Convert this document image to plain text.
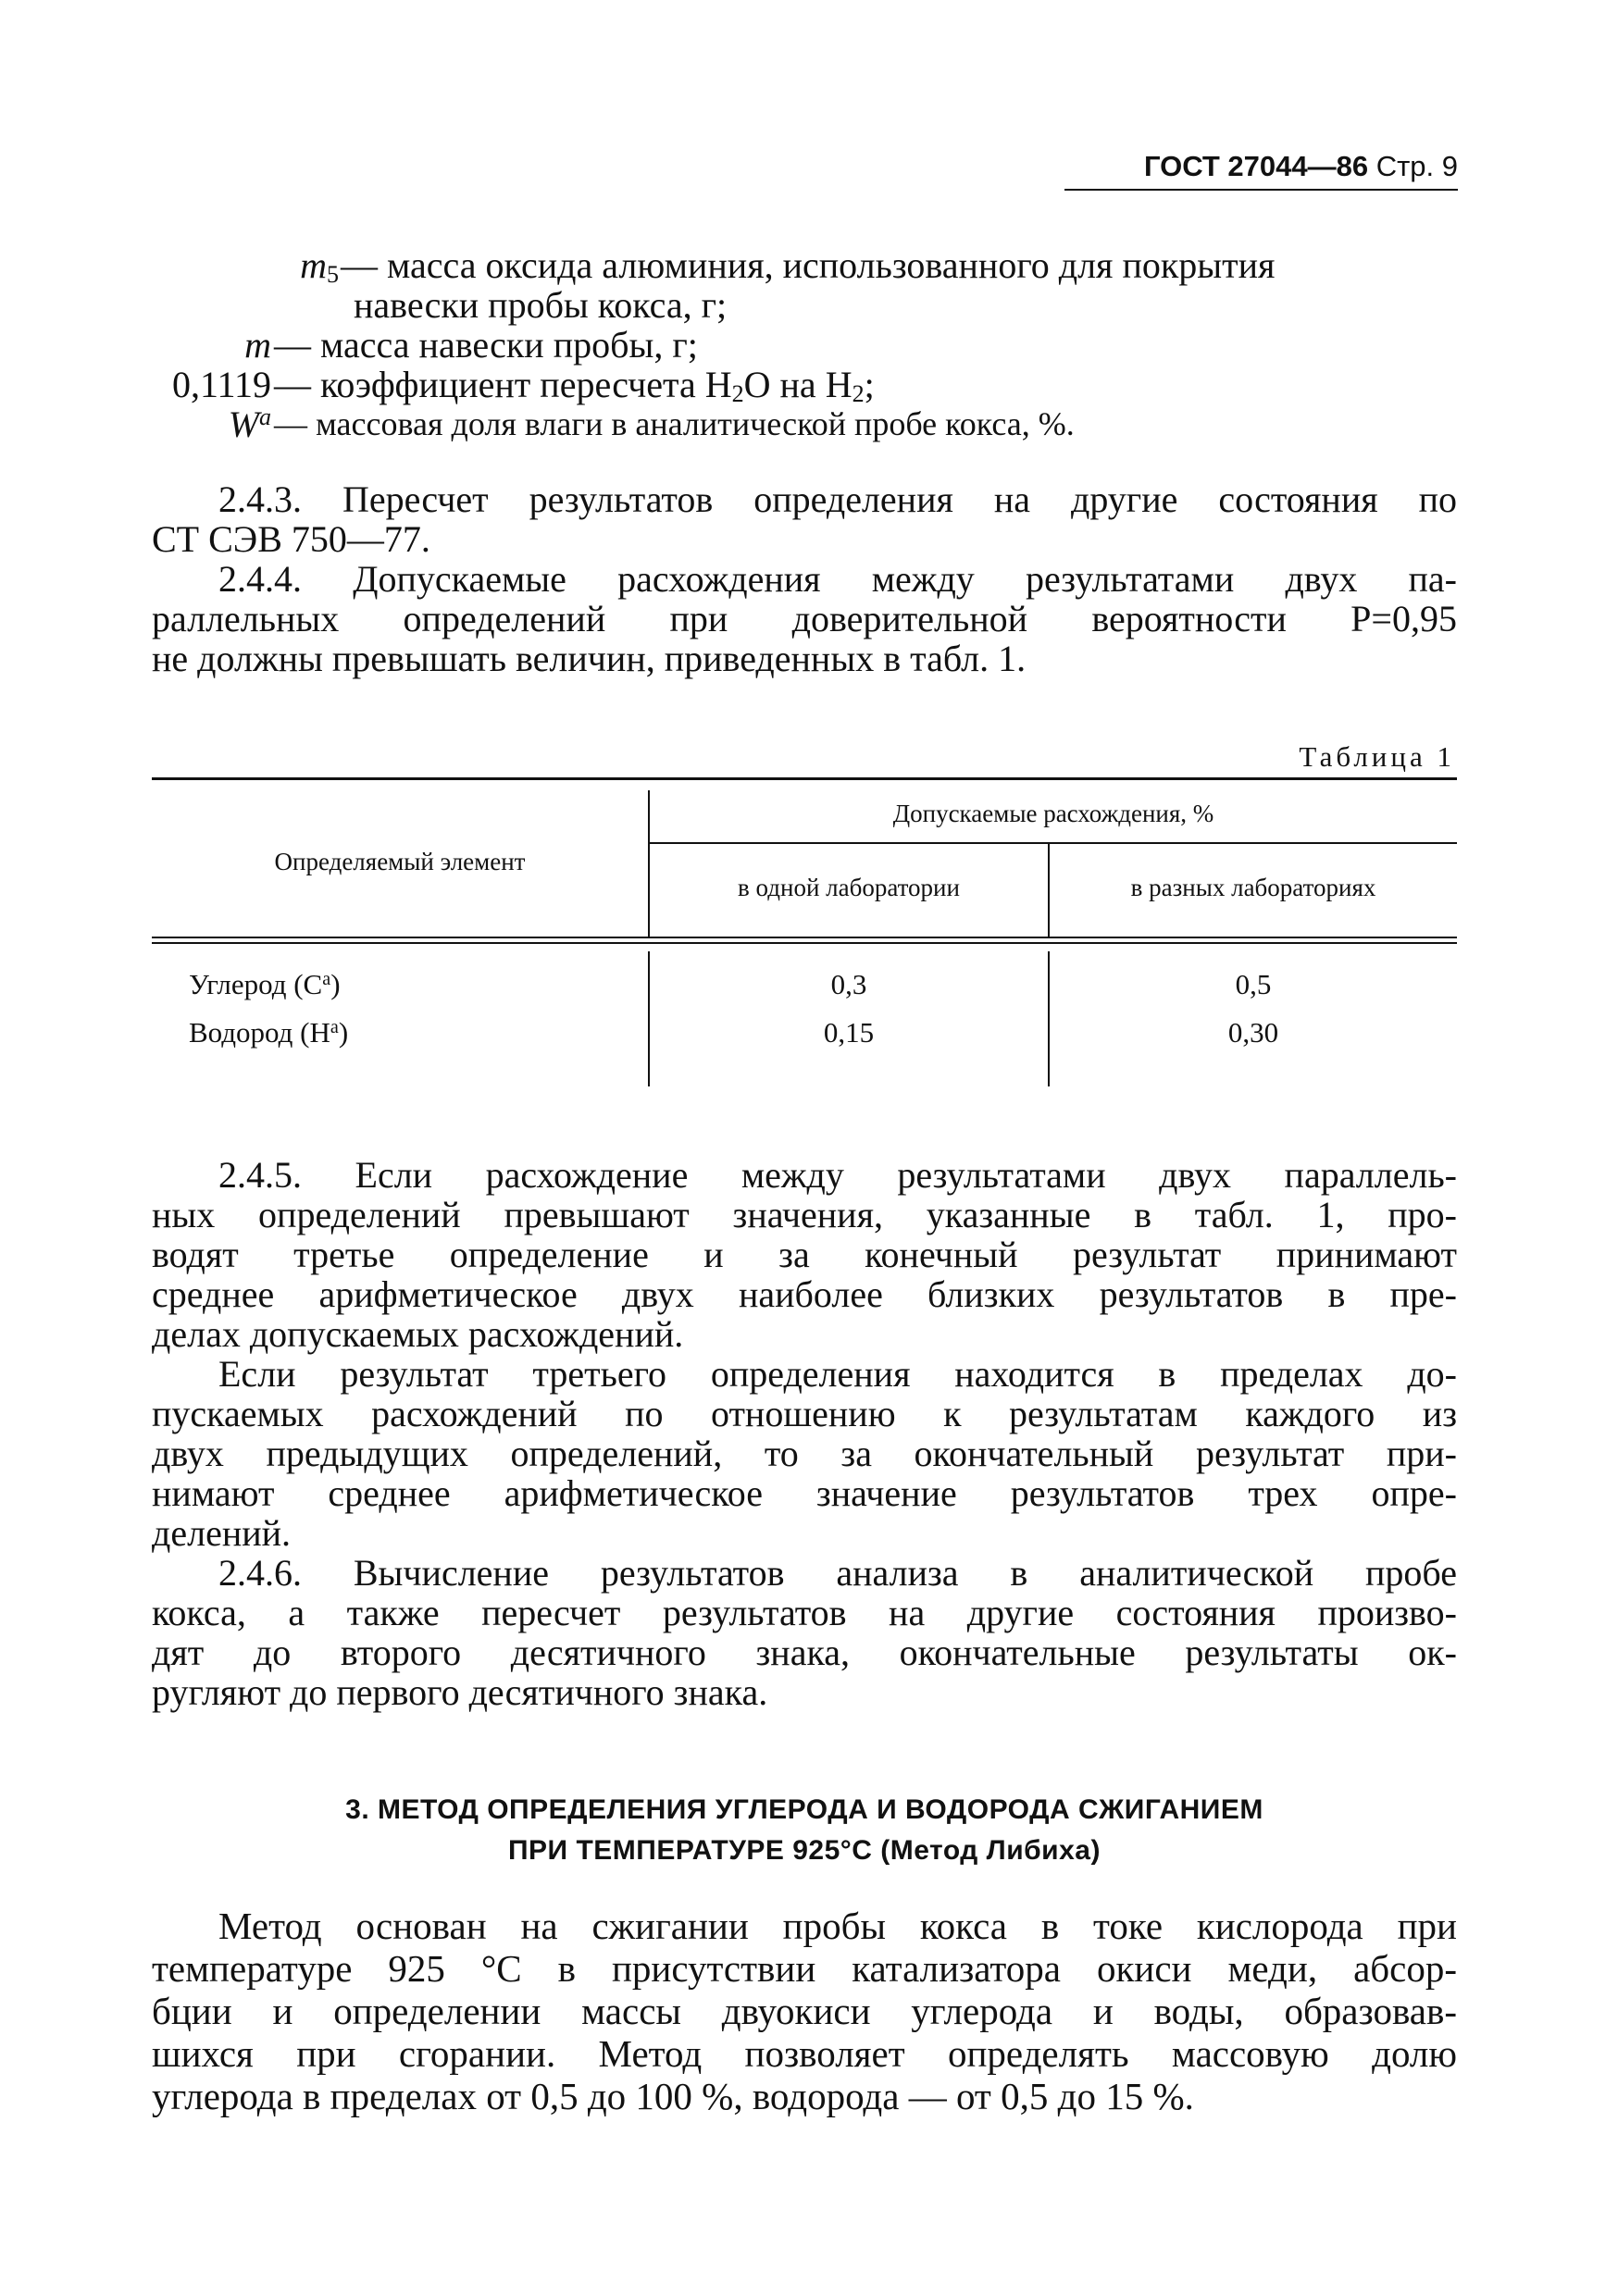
ГОСТ 27044—86 Стр. 9
$m_5$ — масса оксида алюминия, использованного для покрытия
навески пробы кокса, г;
m — масса навески пробы, г;
0,1119 — коэффициент пересчета $H_2O$ на $H_2$;
$W^a$ — массовая доля влаги в аналитической пробе кокса, %.
2.4.3. Пересчет результатов определения на другие состояния по
СТ СЭВ 750—77.
2.4.4. Допускаемые расхождения между результатами двух па-
раллельных определений при доверительной вероятности P=0,95
не должны превышать величин, приведенных в табл. 1.
Таблица 1
Определяемый элемент
Допускаемые расхождения, %
в одной лаборатории	в разных лабораториях
Углерод $(С^a)$	0,3	0,5
Водород $(Н^a)$	0,15	0,30
2.4.5. Если расхождение между результатами двух параллель-
ных определений превышают значения, указанные в табл. 1, про-
водят третье определение и за конечный результат принимают
среднее арифметическое двух наиболее близких результатов в пре-
делах допускаемых расхождений.
Если результат третьего определения находится в пределах до-
пускаемых расхождений по отношению к результатам каждого из
двух предыдущих определений, то за окончательный результат при-
нимают среднее арифметическое значение результатов трех опре-
делений.
2.4.6. Вычисление результатов анализа в аналитической пробе
кокса, а также пересчет результатов на другие состояния произво-
дят до второго десятичного знака, окончательные результаты ок-
ругляют до первого десятичного знака.
3. МЕТОД ОПРЕДЕЛЕНИЯ УГЛЕРОДА И ВОДОРОДА СЖИГАНИЕМ
ПРИ ТЕМПЕРАТУРЕ 925°С (Метод Либиха)
Метод основан на сжигании пробы кокса в токе кислорода при
температуре 925 °С в присутствии катализатора окиси меди, абсор-
бции и определении массы двуокиси углерода и воды, образовав-
шихся при сгорании. Метод позволяет определять массовую долю
углерода в пределах от 0,5 до 100 %, водорода — от 0,5 до 15 %.
